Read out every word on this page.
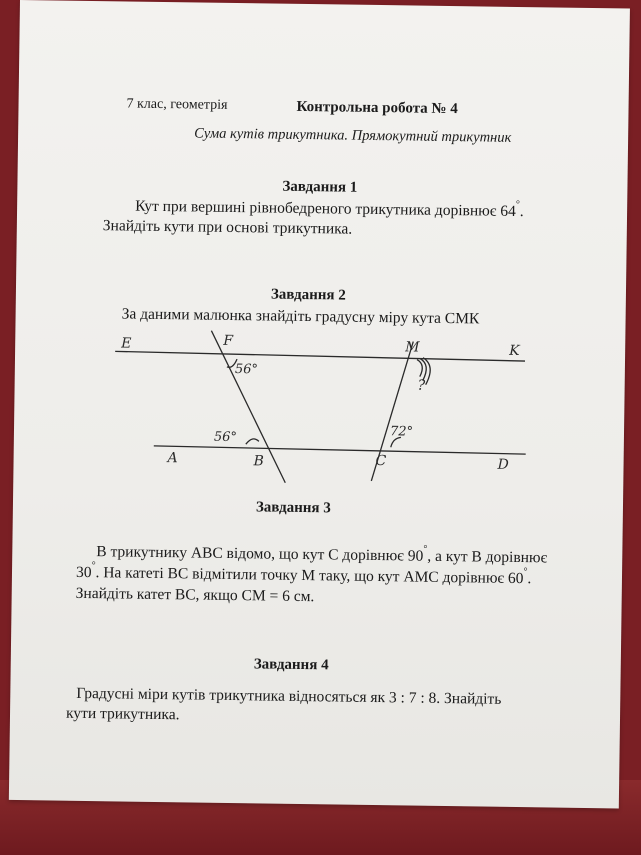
7 клас, геометрія	Контрольна робота № 4
Сума кутів трикутника. Прямокутний трикутник
Завдання 1
Кут при вершині рівнобедреного трикутника дорівнює 64°.
Знайдіть кути при основі трикутника.
Завдання 2
За даними малюнка знайдіть градусну міру кута СМК
E	F	M	K
A	B	C	D
56°
56°	72°
?
Завдання 3
В трикутнику АВС відомо, що кут С дорівнює 90°, а кут В дорівнює
30°. На катеті ВС відмітили точку М таку, що кут АМС дорівнює 60°.
Знайдіть катет ВС, якщо СМ = 6 см.
Завдання 4
Градусні міри кутів трикутника відносяться як 3 : 7 : 8. Знайдіть
кути трикутника.
